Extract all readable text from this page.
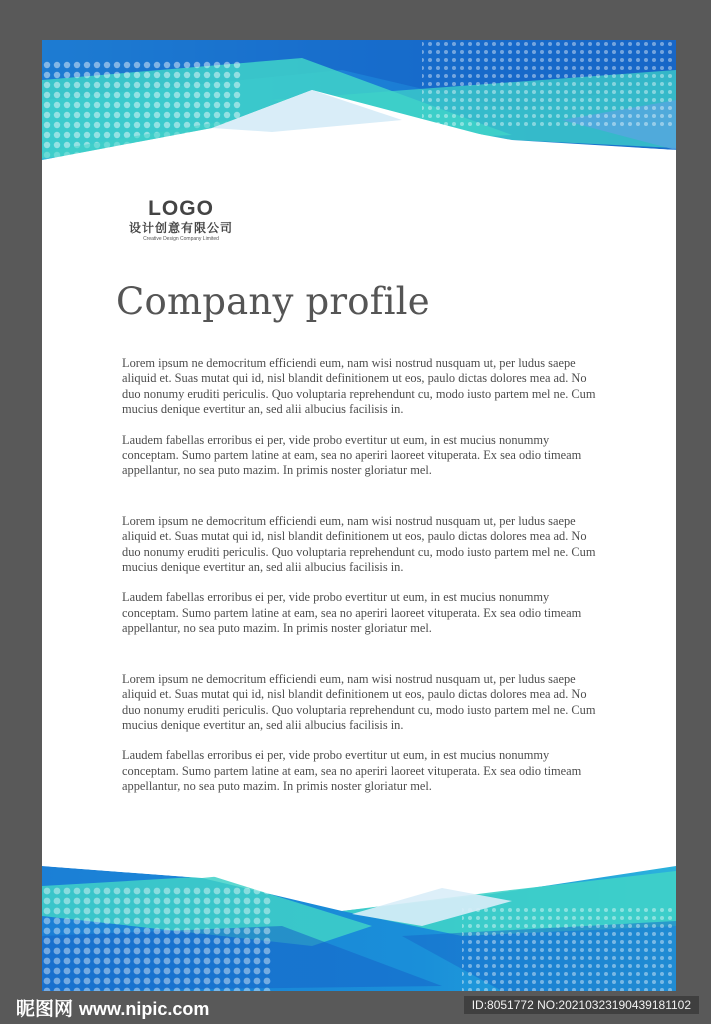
LOGO
设计创意有限公司
Creative Design Company Limited
Company profile

Lorem ipsum ne democritum efficiendi eum, nam wisi nostrud nusquam ut, per ludus saepe aliquid et. Suas mutat qui id, nisl blandit definitionem ut eos, paulo dictas dolores mea ad. No duo nonumy eruditi periculis. Quo voluptaria reprehendunt cu, modo iusto partem mel ne. Cum mucius denique evertitur an, sed alii albucius facilisis in.

Laudem fabellas erroribus ei per, vide probo evertitur ut eum, in est mucius nonummy conceptam. Sumo partem latine at eam, sea no aperiri laoreet vituperata. Ex sea odio timeam appellantur, no sea puto mazim. In primis noster gloriatur mel.

Lorem ipsum ne democritum efficiendi eum, nam wisi nostrud nusquam ut, per ludus saepe aliquid et. Suas mutat qui id, nisl blandit definitionem ut eos, paulo dictas dolores mea ad. No duo nonumy eruditi periculis. Quo voluptaria reprehendunt cu, modo iusto partem mel ne. Cum mucius denique evertitur an, sed alii albucius facilisis in.

Laudem fabellas erroribus ei per, vide probo evertitur ut eum, in est mucius nonummy conceptam. Sumo partem latine at eam, sea no aperiri laoreet vituperata. Ex sea odio timeam appellantur, no sea puto mazim. In primis noster gloriatur mel.

Lorem ipsum ne democritum efficiendi eum, nam wisi nostrud nusquam ut, per ludus saepe aliquid et. Suas mutat qui id, nisl blandit definitionem ut eos, paulo dictas dolores mea ad. No duo nonumy eruditi periculis. Quo voluptaria reprehendunt cu, modo iusto partem mel ne. Cum mucius denique evertitur an, sed alii albucius facilisis in.

Laudem fabellas erroribus ei per, vide probo evertitur ut eum, in est mucius nonummy conceptam. Sumo partem latine at eam, sea no aperiri laoreet vituperata. Ex sea odio timeam appellantur, no sea puto mazim. In primis noster gloriatur mel.

昵图网 www.nipic.com	ID:8051772 NO:20210323190439181102
